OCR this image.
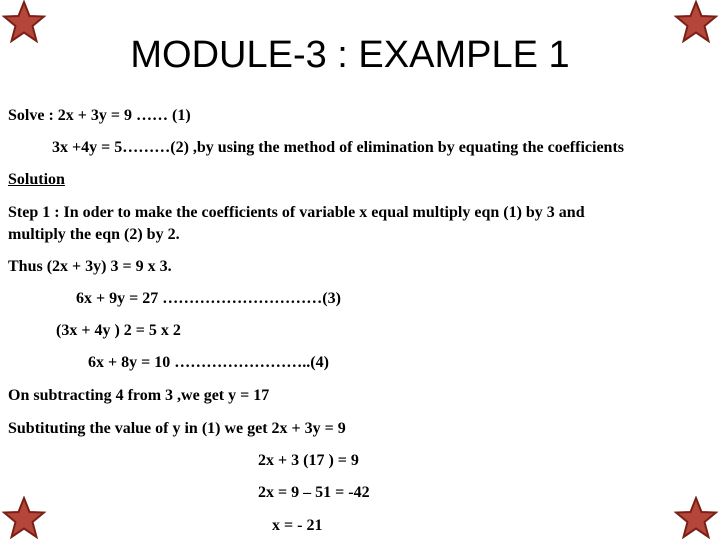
MODULE-3 : EXAMPLE 1
Solve : 2x + 3y = 9 …… (1)
3x +4y = 5………(2) ,by using the method of elimination by equating the coefficients
Solution
Step 1 : In oder to make the coefficients of variable x equal multiply eqn (1) by 3 and
multiply the eqn (2) by 2.
Thus (2x + 3y) 3 = 9 x 3.
6x + 9y = 27 …………………………(3)
(3x + 4y ) 2 = 5 x 2
6x + 8y = 10 ……………………..(4)
On subtracting 4 from 3 ,we get y = 17
Subtituting the value of y in (1) we get 2x + 3y = 9
2x + 3 (17 ) = 9
2x = 9 – 51 = -42
x = - 21
